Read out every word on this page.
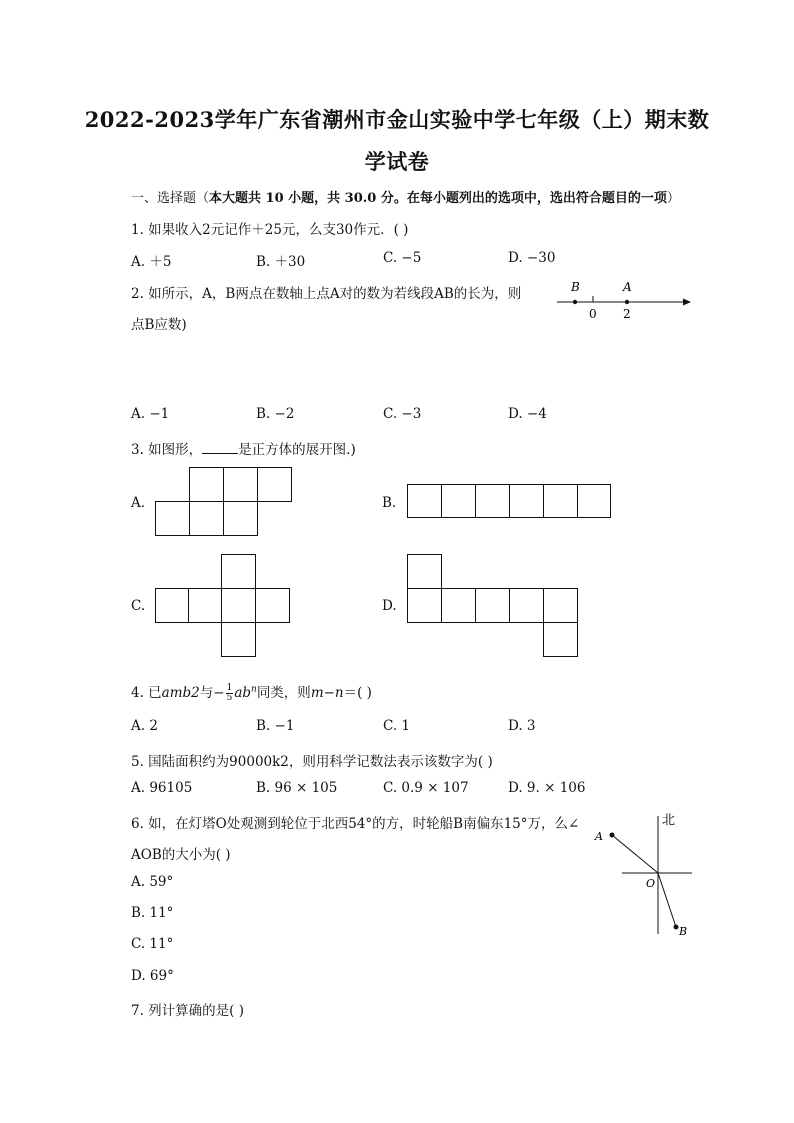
2022-2023学年广东省潮州市金山实验中学七年级（上）期末数
学试卷
一、选择题（本大题共 10 小题，共 30.0 分。在每小题列出的选项中，选出符合题目的一项）
1. 如果收入2元记作＋25元，么支30作元．( )
A. ＋5	B. ＋30	C. −5	D. −30
2. 如所示，A，B两点在数轴上点A对的数为若线段AB的长为，则
点B应数)
B	A
0 2
A. −1	B. −2	C. −3	D. −4
3. 如图形，	是正方体的展开图.)
A.	B.
C.	D.
4. 已amb2与− $\frac{1}{5} ab^n$同类，则m−n＝( )
A. 2	B. −1	C. 1	D. 3
5. 国陆面积约为90000k2，则用科学记数法表示该数字为( )
A. 96105	B. 96 × 105	C. 0.9 × 107	D. 9. × 106
6. 如，在灯塔O处观测到轮位于北西54°的方，时轮船B南偏东15°万，么∠
AOB的大小为( )
北
A
O
B
A. 59°
B. 11°
C. 11°
D. 69°
7. 列计算确的是( )
